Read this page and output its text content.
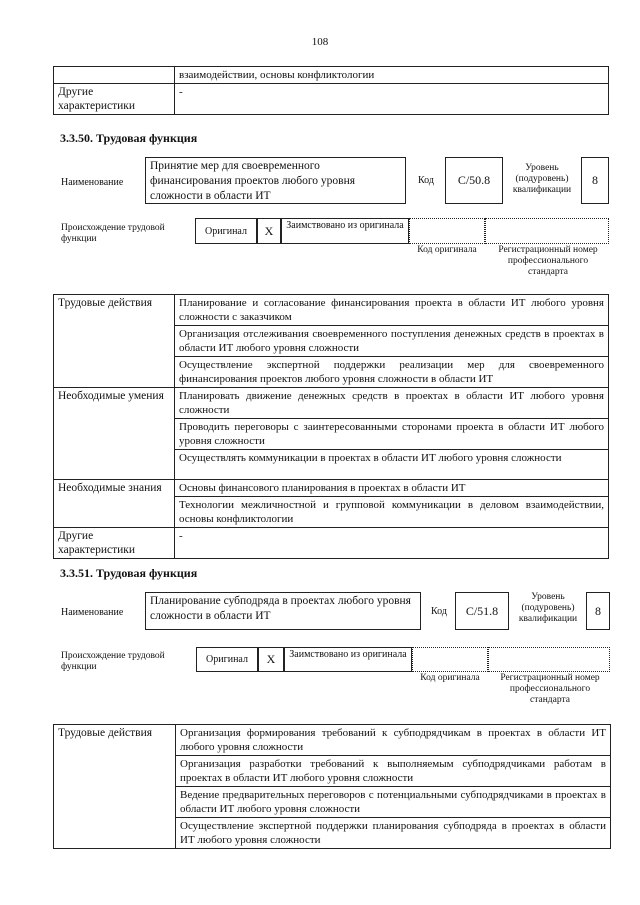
108
	взаимодействии, основы конфликтологии
Другие характеристики	-
3.3.50. Трудовая функция
Наименование
Принятие мер для своевременного финансирования проектов любого уровня сложности в области ИТ
Код	C/50.8
Уровень (подуровень) квалификации
8
Происхождение трудовой функции
Оригинал	X	Заимствовано из оригинала
Код оригинала	Регистрационный номер профессионального стандарта
Трудовые действия	Планирование и согласование финансирования проекта в области ИТ любого уровня сложности с заказчиком
	Организация отслеживания своевременного поступления денежных средств в проектах в области ИТ любого уровня сложности
	Осуществление экспертной поддержки реализации мер для своевременного финансирования проектов любого уровня сложности в области ИТ
Необходимые умения	Планировать движение денежных средств в проектах в области ИТ любого уровня сложности
	Проводить переговоры с заинтересованными сторонами проекта в области ИТ любого уровня сложности
	Осуществлять коммуникации в проектах в области ИТ любого уровня сложности
Необходимые знания	Основы финансового планирования в проектах в области ИТ
	Технологии межличностной и групповой коммуникации в деловом взаимодействии, основы конфликтологии
Другие характеристики	-
3.3.51. Трудовая функция
Наименование
Планирование субподряда в проектах любого уровня сложности в области ИТ	Код	C/51.8
Уровень (подуровень) квалификации
8
Происхождение трудовой функции
Оригинал	X	Заимствовано из оригинала
Код оригинала	Регистрационный номер профессионального стандарта
Трудовые действия	Организация формирования требований к субподрядчикам в проектах в области ИТ любого уровня сложности
Организация разработки требований к выполняемым субподрядчиками работам в проектах в области ИТ любого уровня сложности
Ведение предварительных переговоров с потенциальными субподрядчиками в проектах в области ИТ любого уровня сложности
Осуществление экспертной поддержки планирования субподряда в проектах в области ИТ любого уровня сложности
